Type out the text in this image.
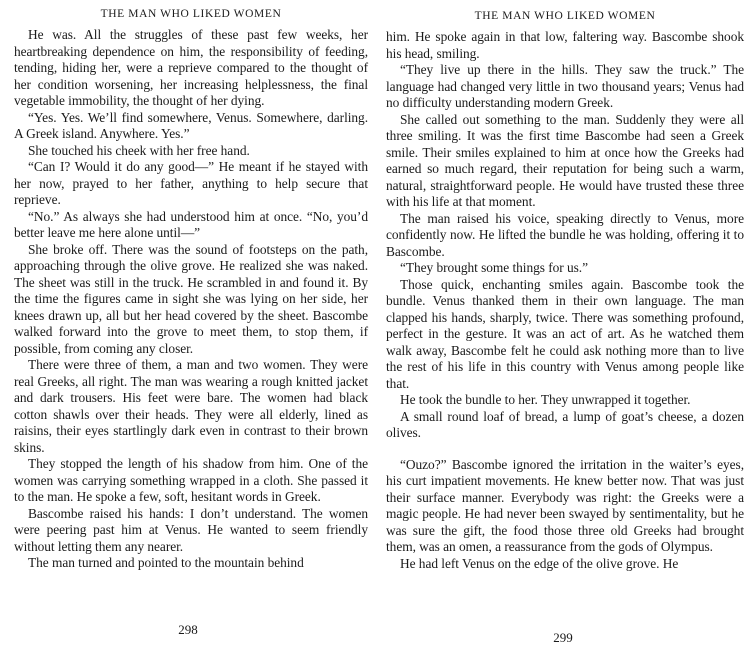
THE MAN WHO LIKED WOMEN

He was. All the struggles of these past few weeks, her heartbreaking dependence on him, the responsibility of feeding, tending, hiding her, were a reprieve compared to the thought of her condition worsening, her increasing helplessness, the final vegetable immobility, the thought of her dying.

“Yes. Yes. We’ll find somewhere, Venus. Somewhere, darling. A Greek island. Anywhere. Yes.”

She touched his cheek with her free hand.

“Can I? Would it do any good—” He meant if he stayed with her now, prayed to her father, anything to help secure that reprieve.

“No.” As always she had understood him at once. “No, you’d better leave me here alone until—”

She broke off. There was the sound of footsteps on the path, approaching through the olive grove. He realized she was naked. The sheet was still in the truck. He scrambled in and found it. By the time the figures came in sight she was lying on her side, her knees drawn up, all but her head covered by the sheet. Bascombe walked forward into the grove to meet them, to stop them, if possible, from coming any closer.

There were three of them, a man and two women. They were real Greeks, all right. The man was wearing a rough knitted jacket and dark trousers. His feet were bare. The women had black cotton shawls over their heads. They were all elderly, lined as raisins, their eyes startlingly dark even in contrast to their brown skins.

They stopped the length of his shadow from him. One of the women was carrying something wrapped in a cloth. She passed it to the man. He spoke a few, soft, hesitant words in Greek.

Bascombe raised his hands: I don’t understand. The women were peering past him at Venus. He wanted to seem friendly without letting them any nearer.

The man turned and pointed to the mountain behind

298
THE MAN WHO LIKED WOMEN

him. He spoke again in that low, faltering way. Bascombe shook his head, smiling.

“They live up there in the hills. They saw the truck.” The language had changed very little in two thousand years; Venus had no difficulty understanding modern Greek.

She called out something to the man. Suddenly they were all three smiling. It was the first time Bascombe had seen a Greek smile. Their smiles explained to him at once how the Greeks had earned so much regard, their reputation for being such a warm, natural, straightforward people. He would have trusted these three with his life at that moment.

The man raised his voice, speaking directly to Venus, more confidently now. He lifted the bundle he was holding, offering it to Bascombe.

“They brought some things for us.”

Those quick, enchanting smiles again. Bascombe took the bundle. Venus thanked them in their own language. The man clapped his hands, sharply, twice. There was something profound, perfect in the gesture. It was an act of art. As he watched them walk away, Bascombe felt he could ask nothing more than to live the rest of his life in this country with Venus among people like that.

He took the bundle to her. They unwrapped it together.

A small round loaf of bread, a lump of goat’s cheese, a dozen olives.

“Ouzo?” Bascombe ignored the irritation in the waiter’s eyes, his curt impatient movements. He knew better now. That was just their surface manner. Everybody was right: the Greeks were a magic people. He had never been swayed by sentimentality, but he was sure the gift, the food those three old Greeks had brought them, was an omen, a reassurance from the gods of Olympus.

He had left Venus on the edge of the olive grove. He

299
